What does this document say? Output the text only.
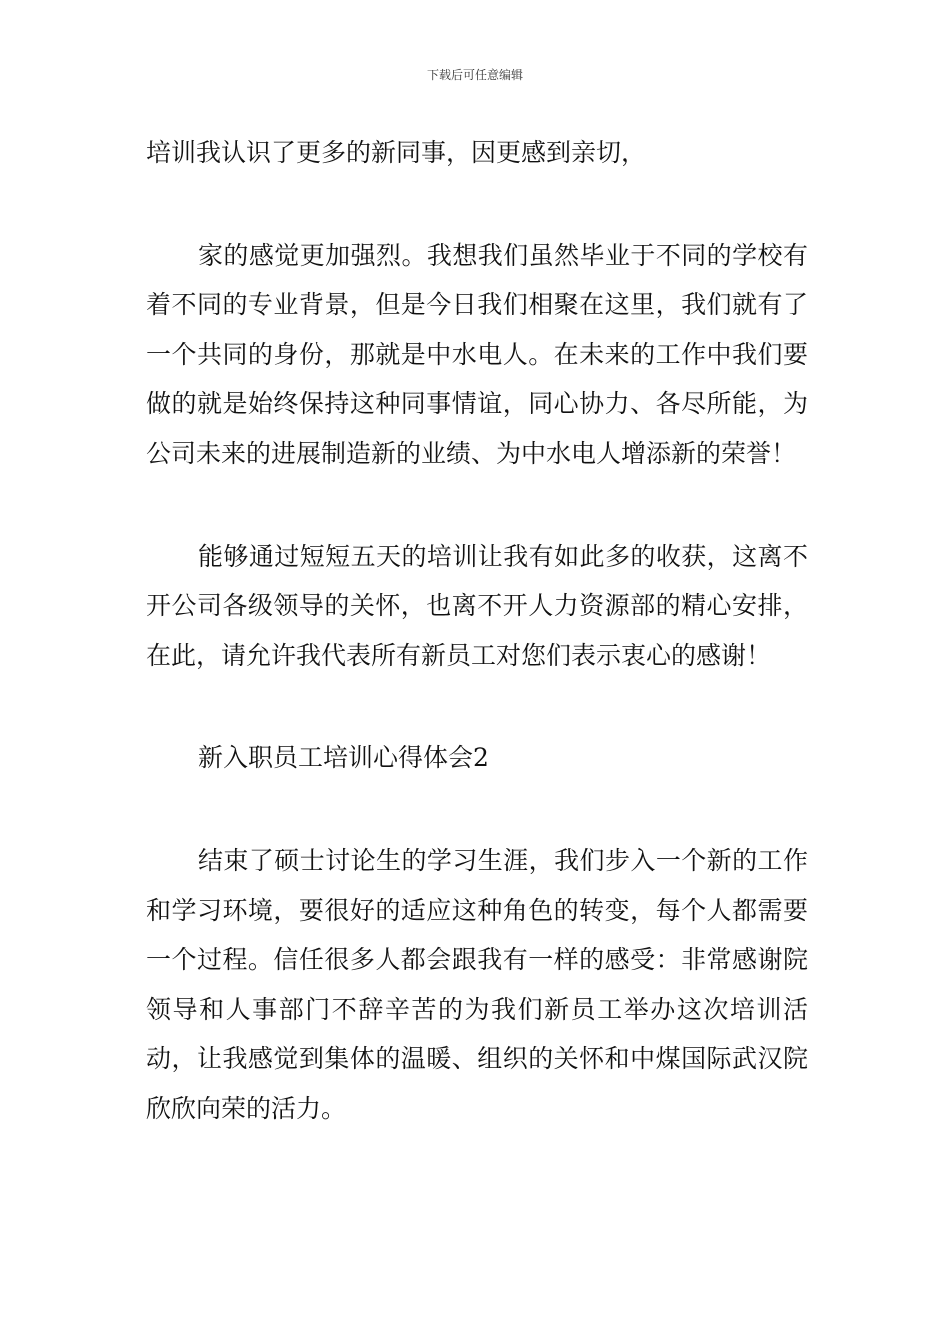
下载后可任意编辑

培训我认识了更多的新同事，因更感到亲切，

家的感觉更加强烈。我想我们虽然毕业于不同的学校有着不同的专业背景，但是今日我们相聚在这里，我们就有了一个共同的身份，那就是中水电人。在未来的工作中我们要做的就是始终保持这种同事情谊，同心协力、各尽所能，为公司未来的进展制造新的业绩、为中水电人增添新的荣誉！

能够通过短短五天的培训让我有如此多的收获，这离不开公司各级领导的关怀，也离不开人力资源部的精心安排，在此，请允许我代表所有新员工对您们表示衷心的感谢！

新入职员工培训心得体会2

结束了硕士讨论生的学习生涯，我们步入一个新的工作和学习环境，要很好的适应这种角色的转变，每个人都需要一个过程。信任很多人都会跟我有一样的感受：非常感谢院领导和人事部门不辞辛苦的为我们新员工举办这次培训活动，让我感觉到集体的温暖、组织的关怀和中煤国际武汉院欣欣向荣的活力。
